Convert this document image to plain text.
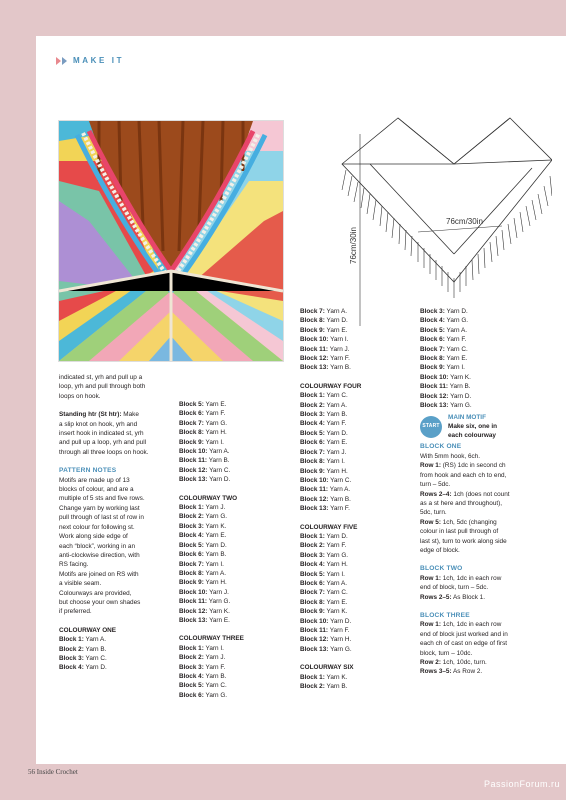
MAKE IT
76cm/30in
76cm/30in
indicated st, yrh and pull up a
loop, yrh and pull through both
loops on hook.
Standing htr (St htr): Make
a slip knot on hook, yrh and
insert hook in indicated st, yrh
and pull up a loop, yrh and pull
through all three loops on hook.
PATTERN NOTES
Motifs are made up of 13
blocks of colour, and are a
multiple of 5 sts and five rows.
Change yarn by working last
pull through of last st of row in
next colour for following st.
Work along side edge of
each “block”, working in an
anti-clockwise direction, with
RS facing.
Motifs are joined on RS with
a visible seam.
Colourways are provided,
but choose your own shades
if preferred.
COLOURWAY ONE
Block 1: Yarn A.
Block 2: Yarn B.
Block 3: Yarn C.
Block 4: Yarn D.
Block 5: Yarn E.
Block 6: Yarn F.
Block 7: Yarn G.
Block 8: Yarn H.
Block 9: Yarn I.
Block 10: Yarn A.
Block 11: Yarn B.
Block 12: Yarn C.
Block 13: Yarn D.
COLOURWAY TWO
Block 1: Yarn J.
Block 2: Yarn G.
Block 3: Yarn K.
Block 4: Yarn E.
Block 5: Yarn D.
Block 6: Yarn B.
Block 7: Yarn I.
Block 8: Yarn A.
Block 9: Yarn H.
Block 10: Yarn J.
Block 11: Yarn G.
Block 12: Yarn K.
Block 13: Yarn E.
COLOURWAY THREE
Block 1: Yarn I.
Block 2: Yarn J.
Block 3: Yarn F.
Block 4: Yarn B.
Block 5: Yarn C.
Block 6: Yarn G.
Block 7: Yarn A.
Block 8: Yarn D.
Block 9: Yarn E.
Block 10: Yarn I.
Block 11: Yarn J.
Block 12: Yarn F.
Block 13: Yarn B.
COLOURWAY FOUR
Block 1: Yarn C.
Block 2: Yarn A.
Block 3: Yarn B.
Block 4: Yarn F.
Block 5: Yarn D.
Block 6: Yarn E.
Block 7: Yarn J.
Block 8: Yarn I.
Block 9: Yarn H.
Block 10: Yarn C.
Block 11: Yarn A.
Block 12: Yarn B.
Block 13: Yarn F.
COLOURWAY FIVE
Block 1: Yarn D.
Block 2: Yarn F.
Block 3: Yarn G.
Block 4: Yarn H.
Block 5: Yarn I.
Block 6: Yarn A.
Block 7: Yarn C.
Block 8: Yarn E.
Block 9: Yarn K.
Block 10: Yarn D.
Block 11: Yarn F.
Block 12: Yarn H.
Block 13: Yarn G.
COLOURWAY SIX
Block 1: Yarn K.
Block 2: Yarn B.
Block 3: Yarn D.
Block 4: Yarn G.
Block 5: Yarn A.
Block 6: Yarn F.
Block 7: Yarn C.
Block 8: Yarn E.
Block 9: Yarn I.
Block 10: Yarn K.
Block 11: Yarn B.
Block 12: Yarn D.
Block 13: Yarn G.
START
MAIN MOTIF
Make six, one in
each colourway
BLOCK ONE
With 5mm hook, 6ch.
Row 1: (RS) 1dc in second ch
from hook and each ch to end,
turn – 5dc.
Rows 2–4: 1ch (does not count
as a st here and throughout),
5dc, turn.
Row 5: 1ch, 5dc (changing
colour in last pull through of
last st), turn to work along side
edge of block.
BLOCK TWO
Row 1: 1ch, 1dc in each row
end of block, turn – 5dc.
Rows 2–5: As Block 1.
BLOCK THREE
Row 1: 1ch, 1dc in each row
end of block just worked and in
each ch of cast on edge of first
block, turn – 10dc.
Row 2: 1ch, 10dc, turn.
Rows 3–5: As Row 2.
56 Inside Crochet
PassionForum.ru
